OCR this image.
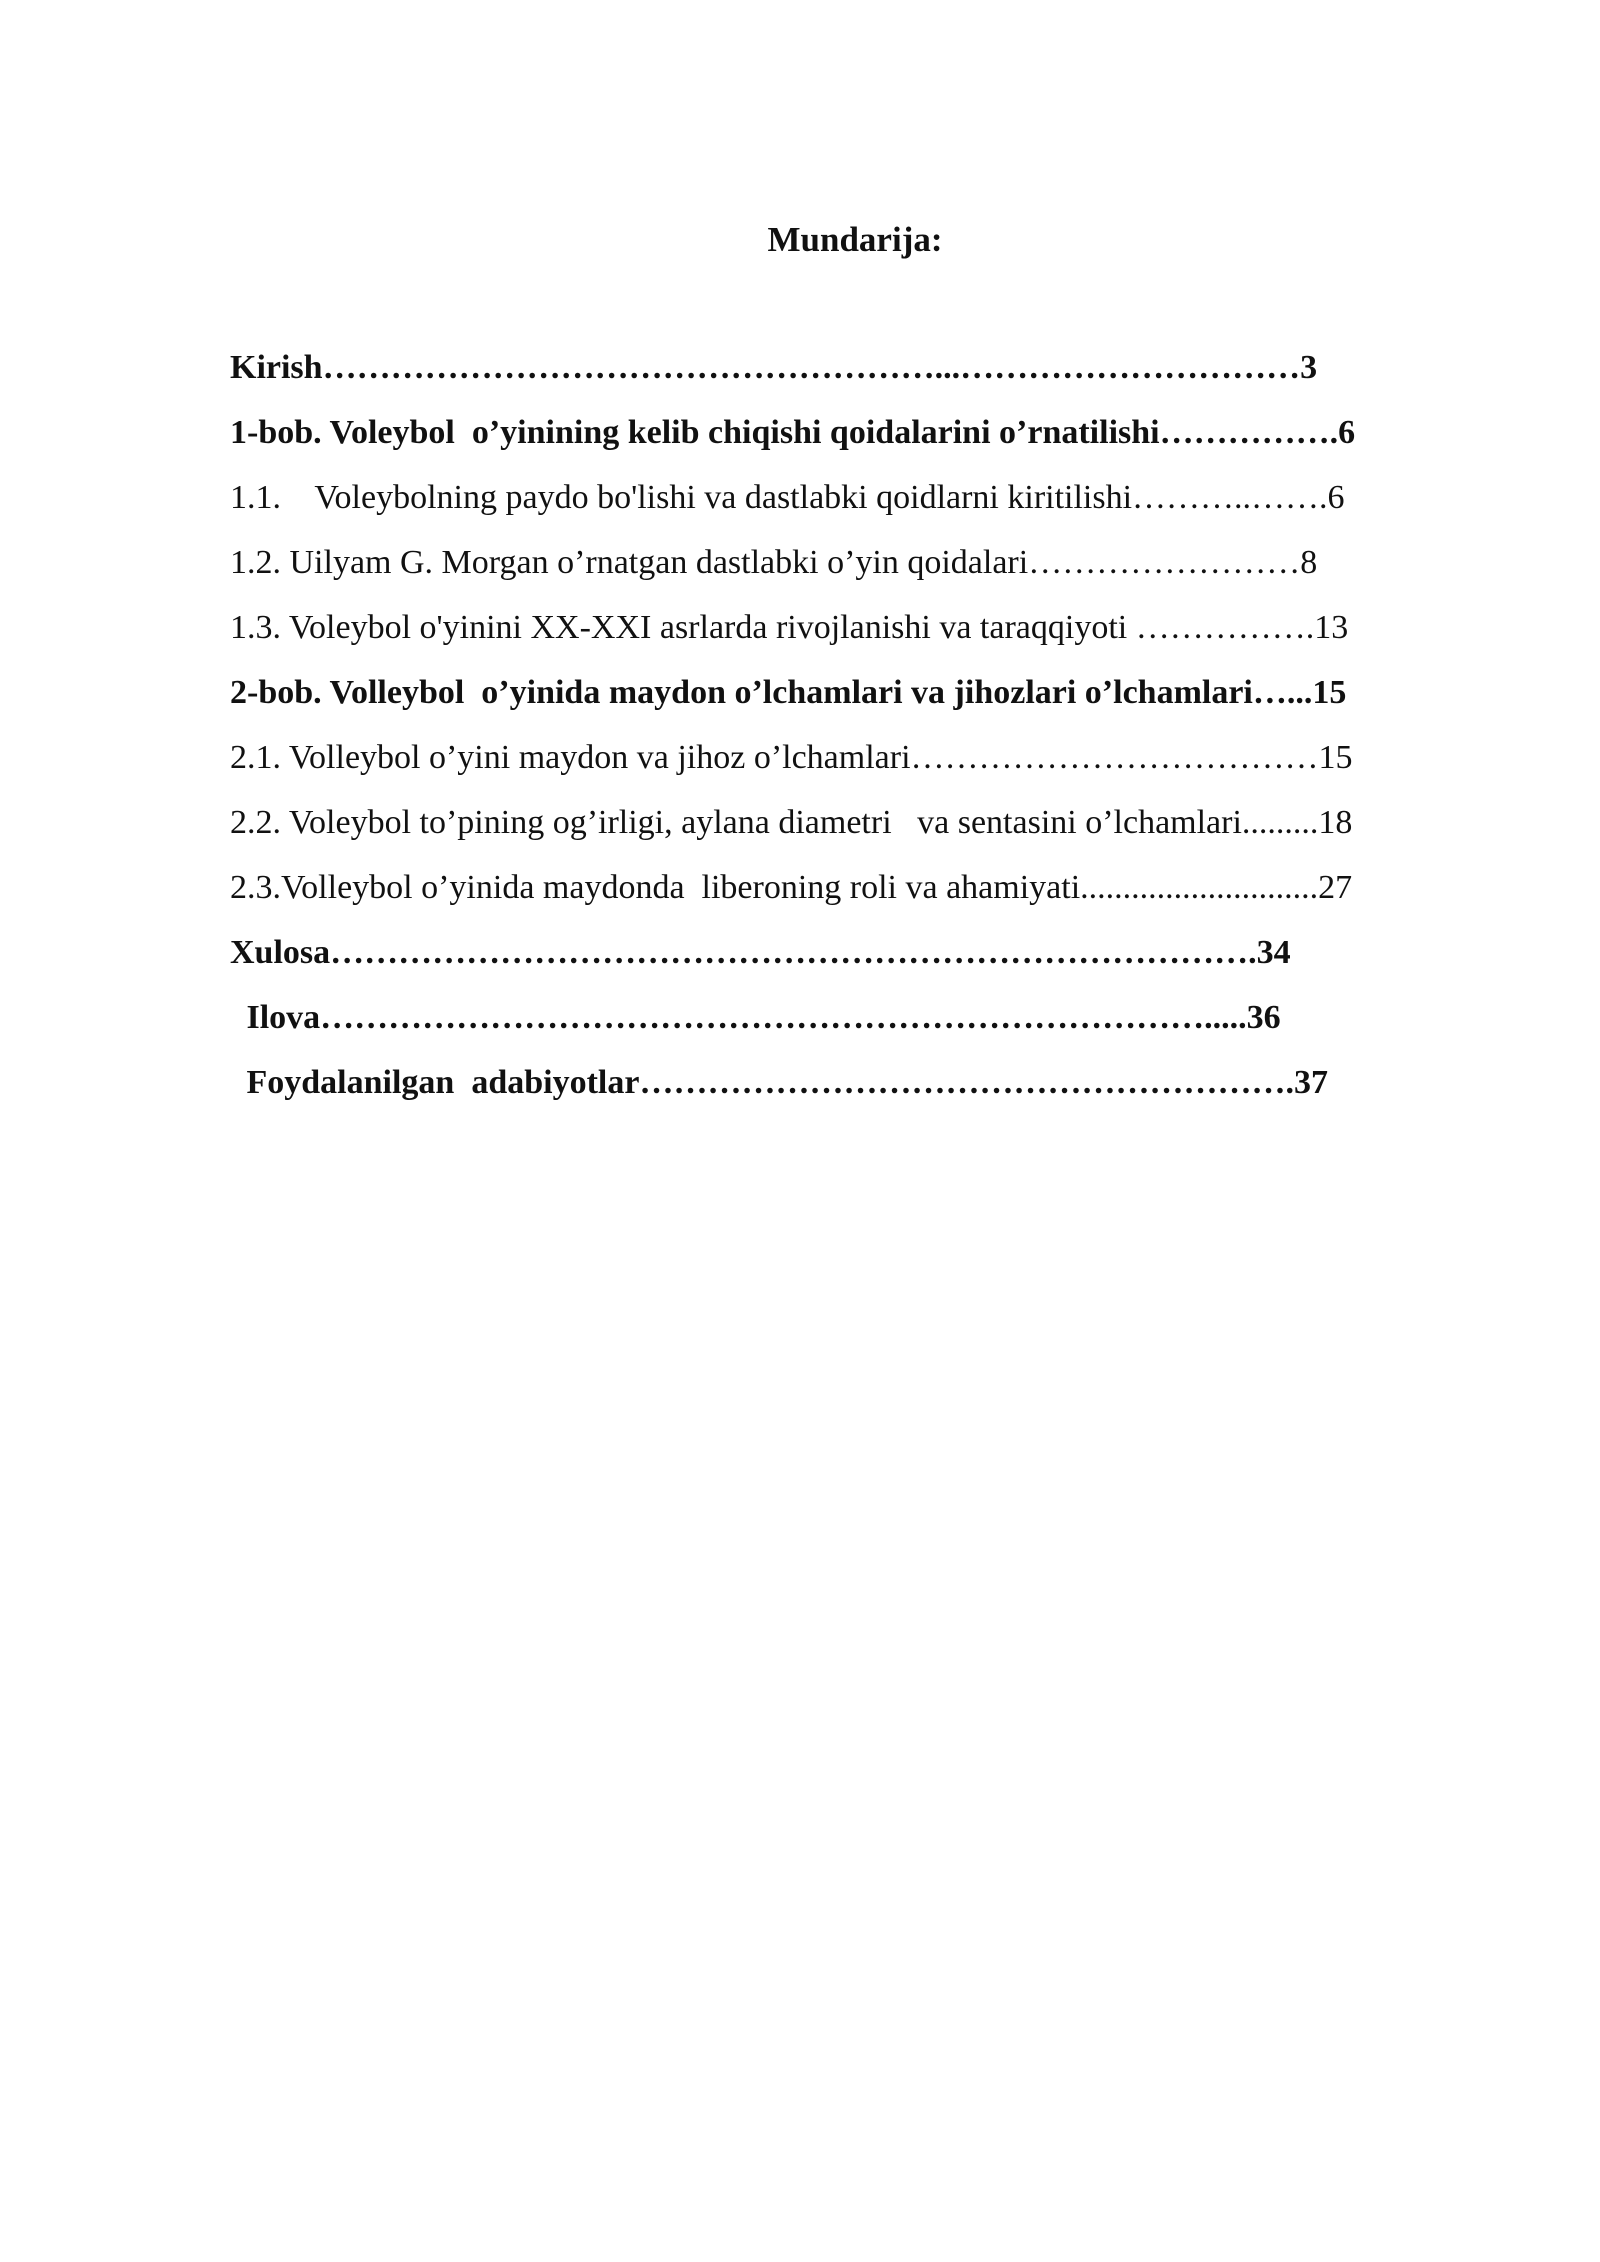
Mundarija:

Kirish………………………………………………...…………………………3

1-bob. Voleybol  o’yinining kelib chiqishi qoidalarini o’rnatilishi…………….6

1.1.    Voleybolning paydo bo'lishi va dastlabki qoidlarni kiritilishi………..…….6

1.2. Uilyam G. Morgan o’rnatgan dastlabki o’yin qoidalari……………………8

1.3. Voleybol o'yinini XX-XXI asrlarda rivojlanishi va taraqqiyoti …………….13

2-bob. Volleybol  o’yinida maydon o’lchamlari va jihozlari o’lchamlari…...15

2.1. Volleybol o’yini maydon va jihoz o’lchamlari………………………………15

2.2. Voleybol to’pining og’irligi, aylana diametri   va sentasini o’lchamlari.........18

2.3.Volleybol o’yinida maydonda  liberoning roli va ahamiyati............................27

Xulosa……………………………………………………………………….34

Ilova…………………………………………………………………….....36

Foydalanilgan  adabiyotlar………………………………………………….37
